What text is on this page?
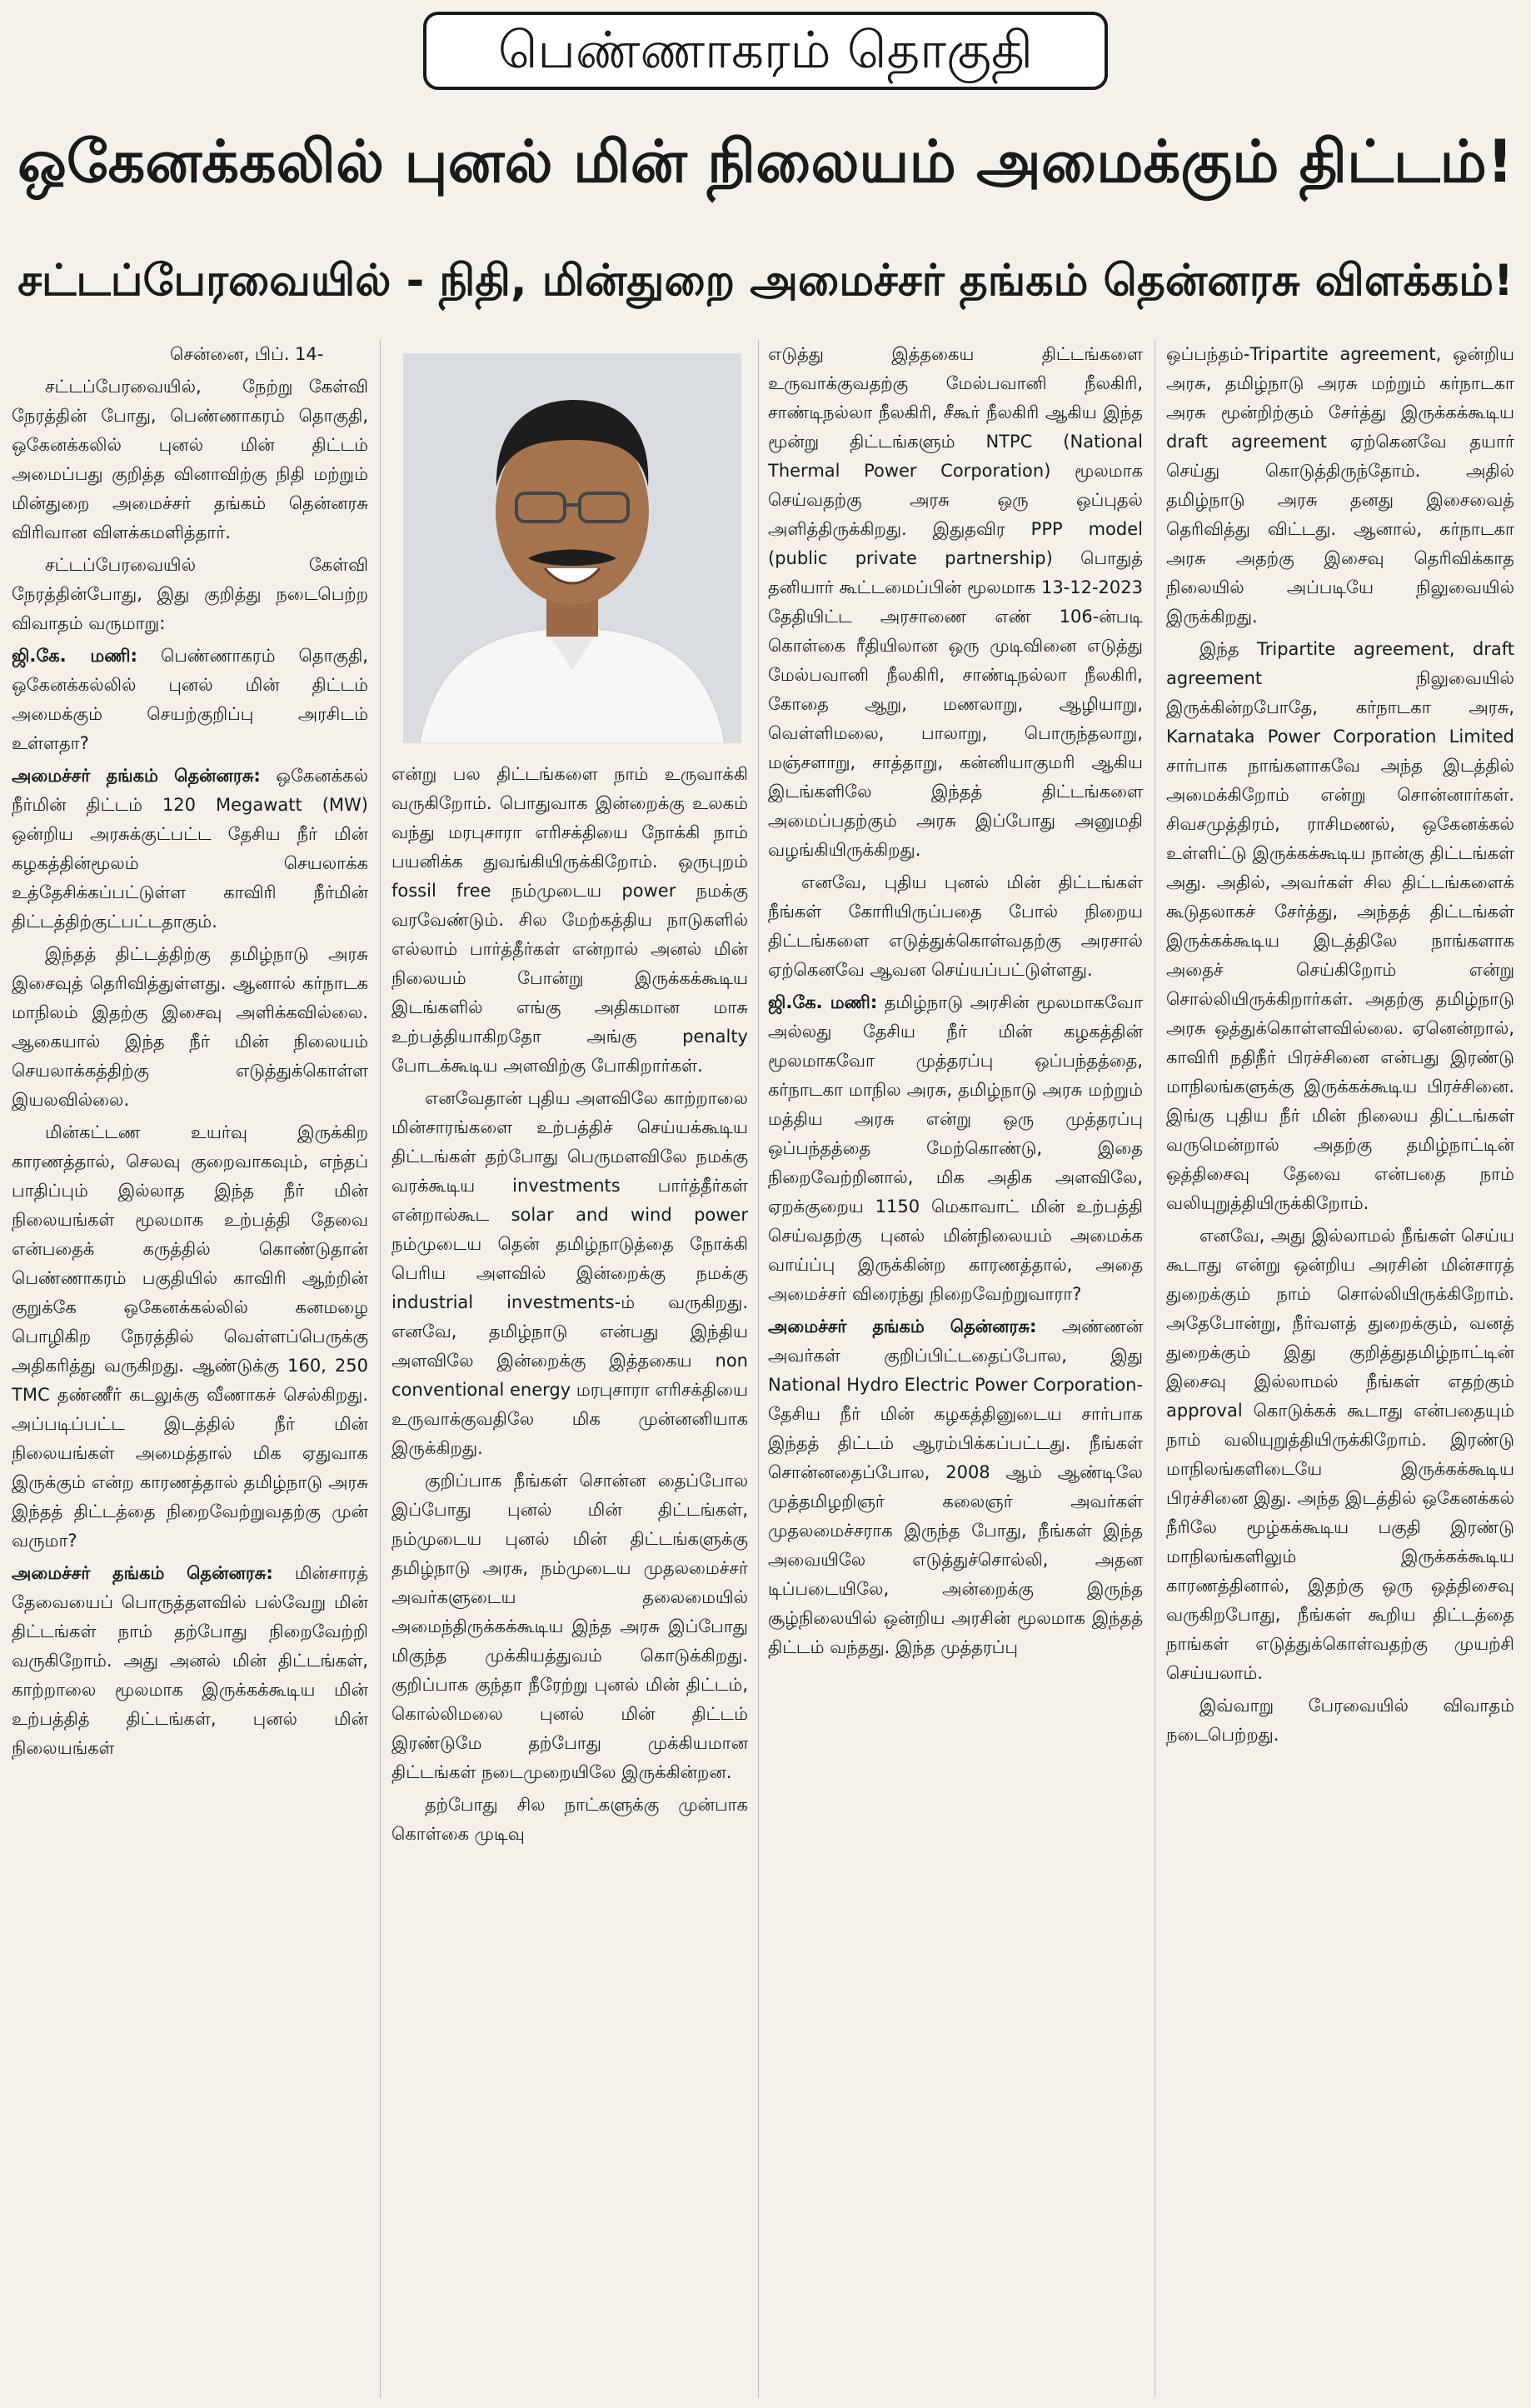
பெண்ணாகரம் தொகுதி
ஒகேனக்கலில் புனல் மின் நிலையம் அமைக்கும் திட்டம்!
சட்டப்பேரவையில் - நிதி, மின்துறை அமைச்சர் தங்கம் தென்னரசு விளக்கம்!

சென்னை, பிப். 14-

சட்டப்பேரவையில், நேற்று கேள்வி நேரத்தின் போது, பெண்ணாகரம் தொகுதி, ஒகேனக்கலில் புனல் மின் திட்டம் அமைப்பது குறித்த வினாவிற்கு நிதி மற்றும் மின்துறை அமைச்சர் தங்கம் தென்னரசு விரிவான விளக்கமளித்தார்.

சட்டப்பேரவையில்	கேள்வி நேரத்தின்போது, இது குறித்து நடைபெற்ற விவாதம் வருமாறு:

ஜி.கே. மணி: பெண்ணாகரம் தொகுதி, ஒகேனக்கல்லில் புனல் மின் திட்டம் அமைக்கும் செயற்குறிப்பு அரசிடம் உள்ளதா?

அமைச்சர் தங்கம் தென்னரசு: ஒகேனக்கல் நீர்மின் திட்டம் 120 Megawatt (MW) ஒன்றிய அரசுக்குட்பட்ட தேசிய நீர் மின் கழகத்தின்மூலம் செயலாக்க உத்தேசிக்கப்பட்டுள்ள காவிரி நீர்மின் திட்டத்திற்குட்பட்டதாகும்.

இந்தத் திட்டத்திற்கு தமிழ்நாடு அரசு இசைவுத் தெரிவித்துள்ளது. ஆனால் கர்நாடக மாநிலம் இதற்கு இசைவு அளிக்கவில்லை. ஆகையால் இந்த நீர் மின் நிலையம் செயலாக்கத்திற்கு எடுத்துக்கொள்ள இயலவில்லை.

மின்கட்டண உயர்வு இருக்கிற காரணத்தால், செலவு குறைவாகவும், எந்தப் பாதிப்பும் இல்லாத இந்த நீர் மின் நிலையங்கள் மூலமாக உற்பத்தி தேவை என்பதைக் கருத்தில் கொண்டுதான் பெண்ணாகரம் பகுதியில் காவிரி ஆற்றின் குறுக்கே ஒகேனக்கல்லில் கனமழை பொழிகிற நேரத்தில் வெள்ளப்பெருக்கு அதிகரித்து வருகிறது. ஆண்டுக்கு 160, 250 TMC தண்ணீர் கடலுக்கு வீணாகச் செல்கிறது. அப்படிப்பட்ட இடத்தில் நீர் மின் நிலையங்கள் அமைத்தால் மிக ஏதுவாக இருக்கும் என்ற காரணத்தால் தமிழ்நாடு அரசு இந்தத் திட்டத்தை நிறைவேற்றுவதற்கு முன் வருமா?

அமைச்சர் தங்கம் தென்னரசு: மின்சாரத் தேவையைப் பொருத்தளவில் பல்வேறு மின் திட்டங்கள் நாம் தற்போது நிறைவேற்றி வருகிறோம். அது அனல் மின் திட்டங்கள், காற்றாலை மூலமாக இருக்கக்கூடிய மின் உற்பத்தித் திட்டங்கள், புனல் மின் நிலையங்கள்

என்று பல திட்டங்களை நாம் உருவாக்கி வருகிறோம். பொதுவாக இன்றைக்கு உலகம் வந்து மரபுசாரா எரிசக்தியை நோக்கி நாம் பயனிக்க துவங்கியிருக்கிறோம். ஒருபுறம் fossil free நம்முடைய power நமக்கு வரவேண்டும். சில மேற்கத்திய நாடுகளில் எல்லாம் பார்த்தீர்கள் என்றால் அனல் மின் நிலையம் போன்று இருக்கக்கூடிய இடங்களில் எங்கு அதிகமான மாசு உற்பத்தியாகிறதோ அங்கு penalty போடக்கூடிய அளவிற்கு போகிறார்கள்.

எனவேதான் புதிய அளவிலே காற்றாலை மின்சாரங்களை உற்பத்திச் செய்யக்கூடிய திட்டங்கள் தற்போது பெருமளவிலே நமக்கு வரக்கூடிய investments பார்த்தீர்கள் என்றால்கூட solar and wind power நம்முடைய தென் தமிழ்நாடுத்தை நோக்கி பெரிய அளவில் இன்றைக்கு நமக்கு industrial investments-ம் வருகிறது. எனவே, தமிழ்நாடு என்பது இந்திய அளவிலே இன்றைக்கு இத்தகைய non conventional energy மரபுசாரா எரிசக்தியை உருவாக்குவதிலே மிக முன்னனியாக இருக்கிறது.

குறிப்பாக நீங்கள் சொன்ன தைப்போல இப்போது புனல் மின் திட்டங்கள், நம்முடைய புனல் மின் திட்டங்களுக்கு தமிழ்நாடு அரசு, நம்முடைய முதலமைச்சர் அவர்களுடைய தலைமையில் அமைந்திருக்கக்கூடிய இந்த அரசு இப்போது மிகுந்த முக்கியத்துவம் கொடுக்கிறது. குறிப்பாக குந்தா நீரேற்று புனல் மின் திட்டம், கொல்லிமலை புனல் மின் திட்டம் இரண்டுமே தற்போது முக்கியமான திட்டங்கள் நடைமுறையிலே இருக்கின்றன.

தற்போது சில நாட்களுக்கு முன்பாக கொள்கை முடிவு

எடுத்து இத்தகைய திட்டங்களை உருவாக்குவதற்கு மேல்பவானி நீலகிரி, சாண்டிநல்லா நீலகிரி, சீகூர் நீலகிரி ஆகிய இந்த மூன்று திட்டங்களும் NTPC (National Thermal Power Corporation) மூலமாக செய்வதற்கு அரசு ஒரு ஒப்புதல் அளித்திருக்கிறது. இதுதவிர PPP model (public private partnership) பொதுத் தனியார் கூட்டமைப்பின் மூலமாக 13-12-2023 தேதியிட்ட அரசாணை எண் 106-ன்படி கொள்கை ரீதியிலான ஒரு முடிவினை எடுத்து மேல்பவானி நீலகிரி, சாண்டிநல்லா நீலகிரி, கோதை ஆறு, மணலாறு, ஆழியாறு, வெள்ளிமலை, பாலாறு, பொருந்தலாறு, மஞ்சளாறு, சாத்தாறு, கன்னியாகுமரி ஆகிய இடங்களிலே இந்தத் திட்டங்களை அமைப்பதற்கும் அரசு இப்போது அனுமதி வழங்கியிருக்கிறது.

எனவே, புதிய புனல் மின் திட்டங்கள் நீங்கள் கோரியிருப்பதை போல் நிறைய திட்டங்களை எடுத்துக்கொள்வதற்கு அரசால் ஏற்கெனவே ஆவன செய்யப்பட்டுள்ளது.

ஜி.கே. மணி: தமிழ்நாடு அரசின் மூலமாகவோ அல்லது தேசிய நீர் மின் கழகத்தின் மூலமாகவோ முத்தரப்பு ஒப்பந்தத்தை, கர்நாடகா மாநில அரசு, தமிழ்நாடு அரசு மற்றும் மத்திய அரசு என்று ஒரு முத்தரப்பு ஒப்பந்தத்தை மேற்கொண்டு, இதை நிறைவேற்றினால், மிக அதிக அளவிலே, ஏறக்குறைய 1150 மெகாவாட் மின் உற்பத்தி செய்வதற்கு புனல் மின்நிலையம் அமைக்க வாய்ப்பு இருக்கின்ற காரணத்தால், அதை அமைச்சர் விரைந்து நிறைவேற்றுவாரா?

அமைச்சர் தங்கம் தென்னரசு: அண்ணன் அவர்கள் குறிப்பிட்டதைப்போல, இது National Hydro Electric Power Corporation-தேசிய நீர் மின் கழகத்தினுடைய சார்பாக இந்தத் திட்டம் ஆரம்பிக்கப்பட்டது. நீங்கள் சொன்னதைப்போல, 2008 ஆம் ஆண்டிலே முத்தமிழறிஞர் கலைஞர் அவர்கள் முதலமைச்சராக இருந்த போது, நீங்கள் இந்த அவையிலே எடுத்துச்சொல்லி, அதன டிப்படையிலே, அன்றைக்கு இருந்த சூழ்நிலையில் ஒன்றிய அரசின் மூலமாக இந்தத் திட்டம் வந்தது. இந்த முத்தரப்பு

ஒப்பந்தம்-Tripartite agreement, ஒன்றிய அரசு, தமிழ்நாடு அரசு மற்றும் கர்நாடகா அரசு மூன்றிற்கும் சேர்த்து இருக்கக்கூடிய draft agreement ஏற்கெனவே தயார் செய்து கொடுத்திருந்தோம். அதில் தமிழ்நாடு அரசு தனது இசைவைத் தெரிவித்து விட்டது. ஆனால், கர்நாடகா அரசு அதற்கு இசைவு தெரிவிக்காத நிலையில் அப்படியே நிலுவையில் இருக்கிறது.

இந்த Tripartite agreement, draft agreement நிலுவையில் இருக்கின்றபோதே, கர்நாடகா அரசு, Karnataka Power Corporation Limited சார்பாக நாங்களாகவே அந்த இடத்தில் அமைக்கிறோம் என்று சொன்னார்கள். சிவசமுத்திரம், ராசிமணல், ஒகேனக்கல் உள்ளிட்டு இருக்கக்கூடிய நான்கு திட்டங்கள் அது. அதில், அவர்கள் சில திட்டங்களைக் கூடுதலாகச் சேர்த்து, அந்தத் திட்டங்கள் இருக்கக்கூடிய இடத்திலே நாங்களாக அதைச் செய்கிறோம் என்று சொல்லியிருக்கிறார்கள். அதற்கு தமிழ்நாடு அரசு ஒத்துக்கொள்ளவில்லை. ஏனென்றால், காவிரி நதிநீர் பிரச்சினை என்பது இரண்டு மாநிலங்களுக்கு இருக்கக்கூடிய பிரச்சினை. இங்கு புதிய நீர் மின் நிலைய திட்டங்கள் வருமென்றால் அதற்கு தமிழ்நாட்டின் ஒத்திசைவு தேவை என்பதை நாம் வலியுறுத்தியிருக்கிறோம்.

எனவே, அது இல்லாமல் நீங்கள் செய்ய கூடாது என்று ஒன்றிய அரசின் மின்சாரத் துறைக்கும் நாம் சொல்லியிருக்கிறோம். அதேபோன்று, நீர்வளத் துறைக்கும், வனத் துறைக்கும் இது குறித்துதமிழ்நாட்டின் இசைவு இல்லாமல் நீங்கள் எதற்கும் approval கொடுக்கக் கூடாது என்பதையும் நாம் வலியுறுத்தியிருக்கிறோம். இரண்டு மாநிலங்களிடையே இருக்கக்கூடிய பிரச்சினை இது. அந்த இடத்தில் ஒகேனக்கல் நீரிலே மூழ்கக்கூடிய பகுதி இரண்டு மாநிலங்களிலும் இருக்கக்கூடிய காரணத்தினால், இதற்கு ஒரு ஒத்திசைவு வருகிறபோது, நீங்கள் கூறிய திட்டத்தை நாங்கள் எடுத்துக்கொள்வதற்கு முயற்சி செய்யலாம்.

இவ்வாறு பேரவையில் விவாதம் நடைபெற்றது.
